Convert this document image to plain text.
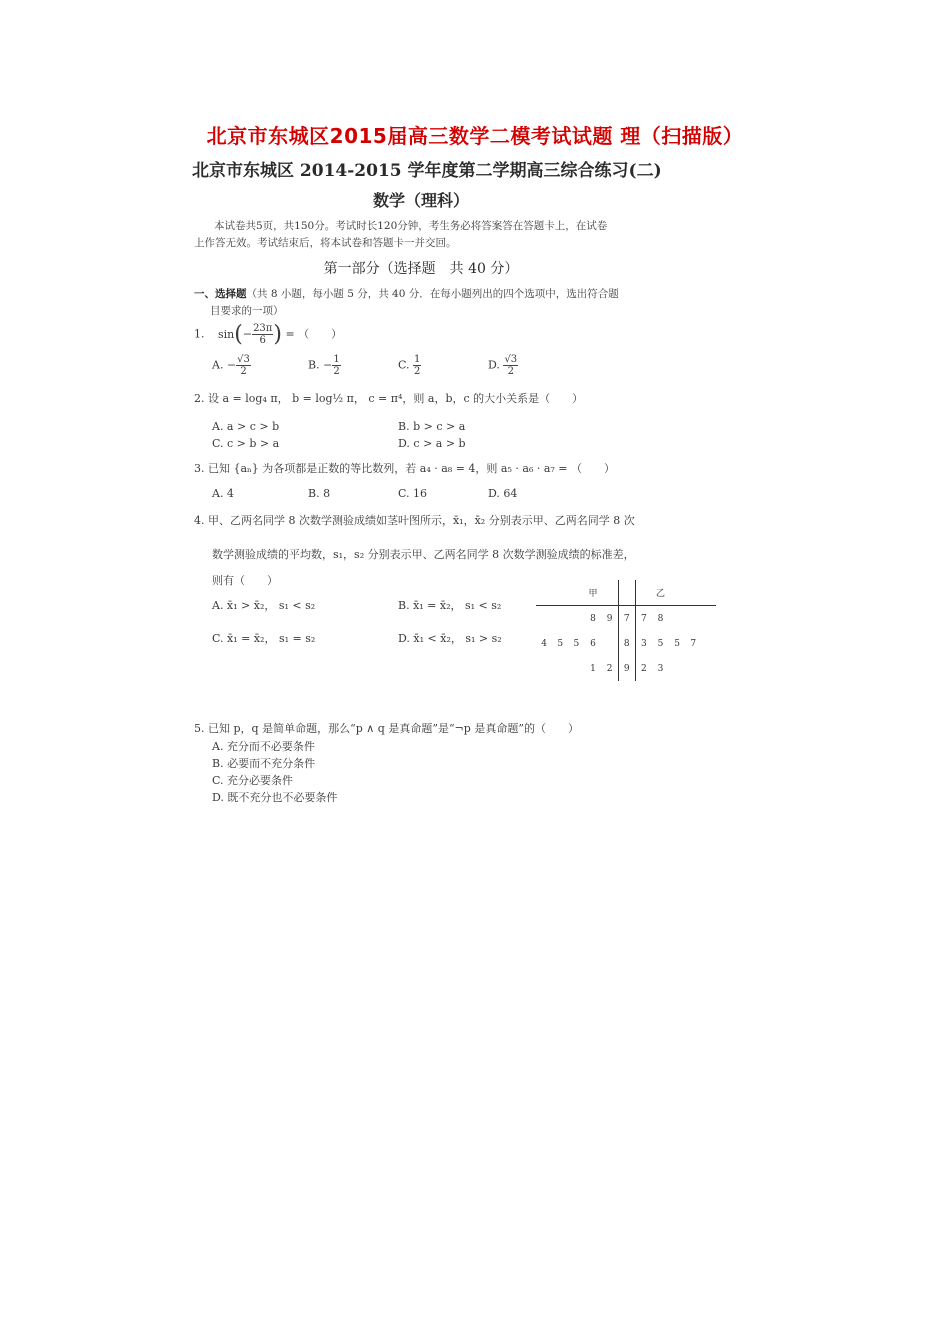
北京市东城区2015届高三数学二模考试试题 理（扫描版）
北京市东城区 2014-2015 学年度第二学期高三综合练习(二)
数学（理科）
本试卷共5页，共150分。考试时长120分钟，考生务必将答案答在答题卡上，在试卷
上作答无效。考试结束后，将本试卷和答题卡一并交回。
第一部分（选择题　共 40 分）
一、选择题（共 8 小题，每小题 5 分，共 40 分．在每小题列出的四个选项中，选出符合题
目要求的一项）
1. $\sin(- \frac{23\pi}{6}$ ) = （　　）
A. − $\frac{√3}{2}$	B. − $\frac{1}{2}$	C. $\frac{1}{2}$	D. $\frac{√3}{2}$
2. 设 a = log₄ π， b = log½ π， c = π⁴，则 a，b，c 的大小关系是（　　）
A. a > c > b	B. b > c > a
C. c > b > a	D. c > a > b
3. 已知 {aₙ} 为各项都是正数的等比数列，若 a₄ · a₈ = 4，则 a₅ · a₆ · a₇ = （　　）
A. 4	B. 8	C. 16	D. 64
4. 甲、乙两名同学 8 次数学测验成绩如茎叶图所示，x̄₁，x̄₂ 分别表示甲、乙两名同学 8 次
数学测验成绩的平均数，s₁，s₂ 分别表示甲、乙两名同学 8 次数学测验成绩的标准差，
则有（　　）
A. x̄₁ > x̄₂， s₁ < s₂	B. x̄₁ = x̄₂， s₁ < s₂
C. x̄₁ = x̄₂， s₁ = s₂	D. x̄₁ < x̄₂， s₁ > s₂
			甲				乙			
			8	9	7	7	8			
4	5	5	6		8	3	5	5	7	
			1	2	9	2	3			
5. 已知 p，q 是简单命题，那么“p ∧ q 是真命题”是“¬p 是真命题”的（　　）
A. 充分而不必要条件
B. 必要而不充分条件
C. 充分必要条件
D. 既不充分也不必要条件
